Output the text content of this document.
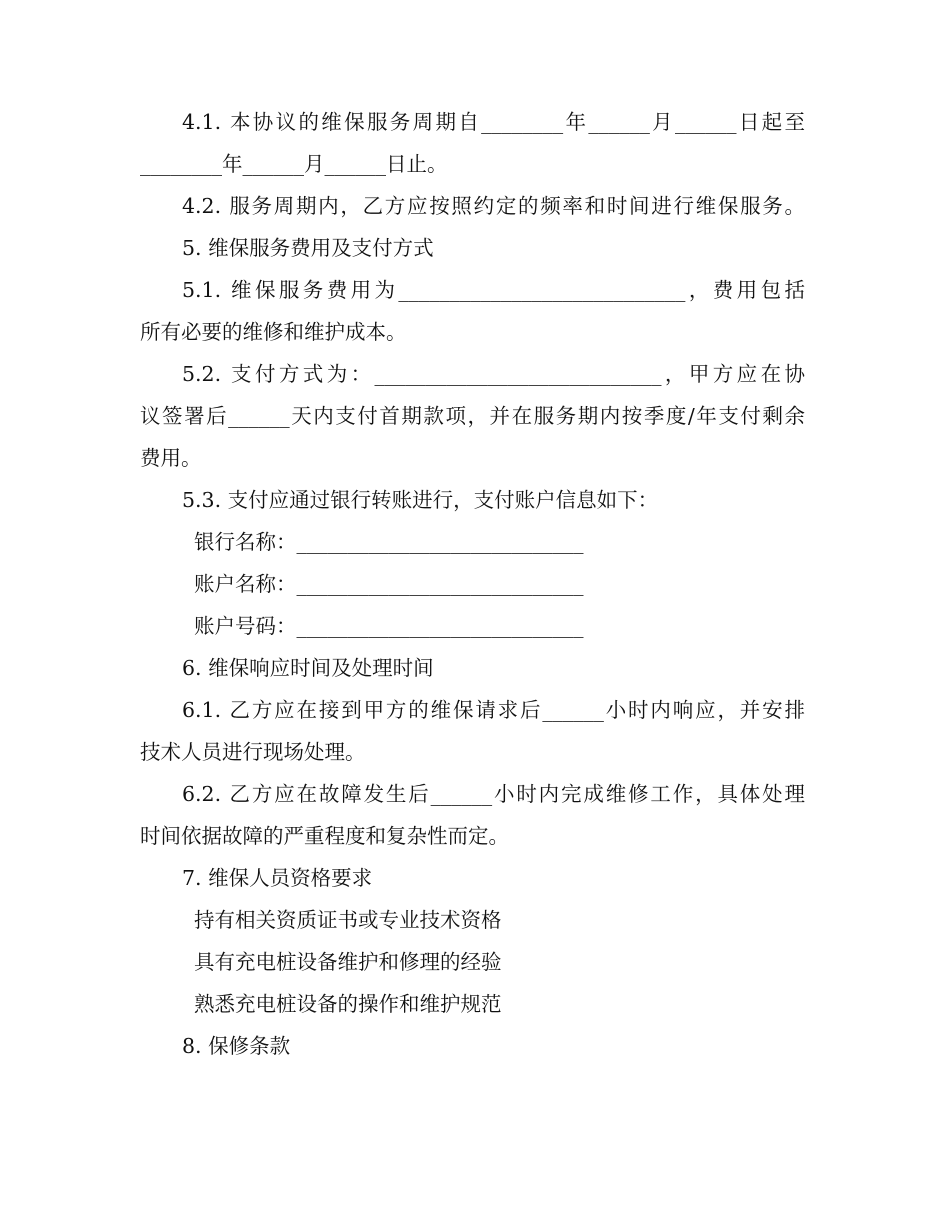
4.1. 本协议的维保服务周期自________年______月______日起至

________年______月______日止。

4.2. 服务周期内，乙方应按照约定的频率和时间进行维保服务。

5. 维保服务费用及支付方式

5.1. 维保服务费用为____________________________，费用包括

所有必要的维修和维护成本。

5.2. 支付方式为：____________________________，甲方应在协

议签署后______天内支付首期款项，并在服务期内按季度/年支付剩余

费用。

5.3. 支付应通过银行转账进行，支付账户信息如下：

银行名称：____________________________

账户名称：____________________________

账户号码：____________________________

6. 维保响应时间及处理时间

6.1. 乙方应在接到甲方的维保请求后______小时内响应，并安排

技术人员进行现场处理。

6.2. 乙方应在故障发生后______小时内完成维修工作，具体处理

时间依据故障的严重程度和复杂性而定。

7. 维保人员资格要求

持有相关资质证书或专业技术资格

具有充电桩设备维护和修理的经验

熟悉充电桩设备的操作和维护规范

8. 保修条款
